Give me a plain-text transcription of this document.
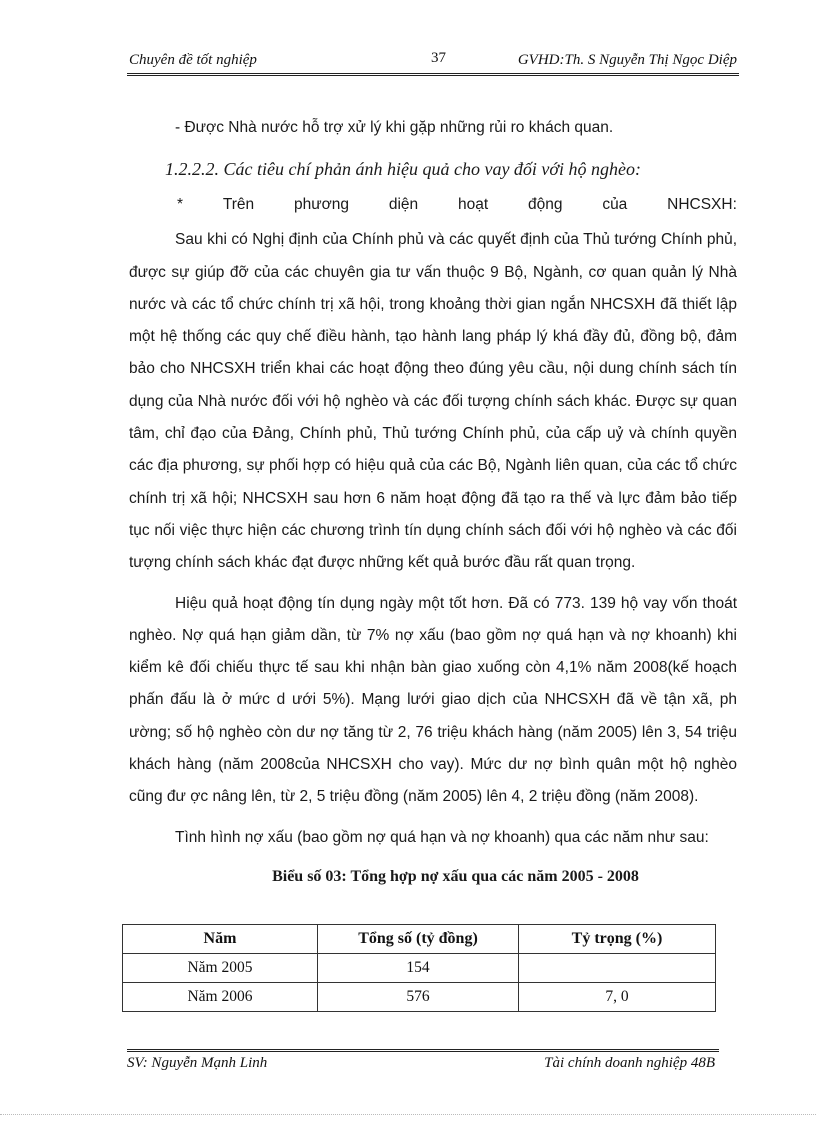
Chuyên đề tốt nghiệp	37	GVHD:Th. S Nguyễn Thị Ngọc Diệp

- Được Nhà nước hỗ trợ xử lý khi gặp những rủi ro khách quan.

1.2.2.2. Các tiêu chí phản ánh hiệu quả cho vay đối với hộ nghèo:
*	Trên	phương	diện	hoạt	động	của	NHCSXH:

Sau khi có Nghị định của Chính phủ và các quyết định của Thủ tướng Chính phủ, được sự giúp đỡ của các chuyên gia tư vấn thuộc 9 Bộ, Ngành, cơ quan quản lý Nhà nước và các tổ chức chính trị xã hội, trong khoảng thời gian ngắn NHCSXH đã thiết lập một hệ thống các quy chế điều hành, tạo hành lang pháp lý khá đầy đủ, đồng bộ, đảm bảo cho NHCSXH triển khai các hoạt động theo đúng yêu cầu, nội dung chính sách tín dụng của Nhà nước đối với hộ nghèo và các đối tượng chính sách khác. Được sự quan tâm, chỉ đạo của Đảng, Chính phủ, Thủ tướng Chính phủ, của cấp uỷ và chính quyền các địa phương, sự phối hợp có hiệu quả của các Bộ, Ngành liên quan, của các tổ chức chính trị xã hội; NHCSXH sau hơn 6 năm hoạt động đã tạo ra thế và lực đảm bảo tiếp tục nối việc thực hiện các chương trình tín dụng chính sách đối với hộ nghèo và các đối tượng chính sách khác đạt được những kết quả bước đầu rất quan trọng.

Hiệu quả hoạt động tín dụng ngày một tốt hơn. Đã có 773. 139 hộ vay vốn thoát nghèo. Nợ quá hạn giảm dần, từ 7% nợ xấu (bao gồm nợ quá hạn và nợ khoanh) khi kiểm kê đối chiếu thực tế sau khi nhận bàn giao xuống còn 4,1% năm 2008(kế hoạch phấn đấu là ở mức d ưới 5%). Mạng lưới giao dịch của NHCSXH đã về tận xã, ph ường; số hộ nghèo còn dư nợ tăng từ 2, 76 triệu khách hàng (năm 2005) lên 3, 54 triệu khách hàng (năm 2008của NHCSXH cho vay). Mức dư nợ bình quân một hộ nghèo cũng đư ợc nâng lên, từ 2, 5 triệu đồng (năm 2005) lên 4, 2 triệu đồng (năm 2008).

Tình hình nợ xấu (bao gồm nợ quá hạn và nợ khoanh) qua các năm như sau:

Biểu số 03: Tổng hợp nợ xấu qua các năm 2005 - 2008
Năm	Tổng số (tỷ đồng)	Tỷ trọng (%)
Năm 2005	154	
Năm 2006	576	7, 0
SV: Nguyễn Mạnh Linh	Tài chính doanh nghiệp 48B
